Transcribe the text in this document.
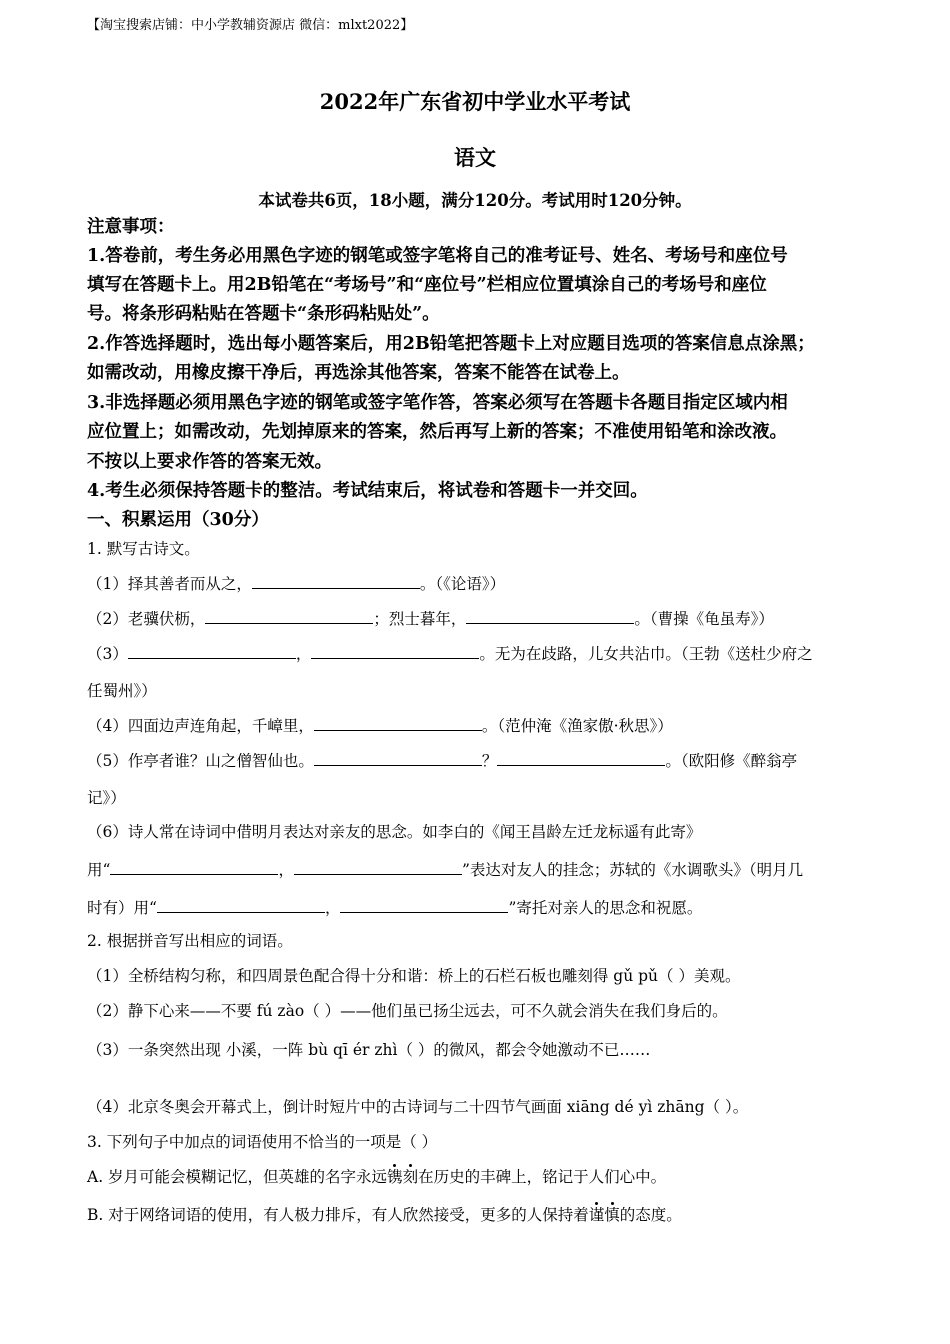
【淘宝搜索店铺：中小学教辅资源店 微信：mlxt2022】
2022年广东省初中学业水平考试
语文
本试卷共6页，18小题，满分120分。考试用时120分钟。
注意事项：
1.答卷前，考生务必用黑色字迹的钢笔或签字笔将自己的准考证号、姓名、考场号和座位号
填写在答题卡上。用2B铅笔在“考场号”和“座位号”栏相应位置填涂自己的考场号和座位
号。将条形码粘贴在答题卡“条形码粘贴处”。
2.作答选择题时，选出每小题答案后，用2B铅笔把答题卡上对应题目选项的答案信息点涂黑；
如需改动，用橡皮擦干净后，再选涂其他答案，答案不能答在试卷上。
3.非选择题必须用黑色字迹的钢笔或签字笔作答，答案必须写在答题卡各题目指定区域内相
应位置上；如需改动，先划掉原来的答案，然后再写上新的答案；不准使用铅笔和涂改液。
不按以上要求作答的答案无效。
4.考生必须保持答题卡的整洁。考试结束后，将试卷和答题卡一并交回。
一、积累运用（30分）
1. 默写古诗文。
（1）择其善者而从之，	。（《论语》）
（2）老骥伏枥，	；烈士暮年，	。（曹操《龟虽寿》）
（3）	，	。无为在歧路，儿女共沾巾。（王勃《送杜少府之
任蜀州》）
（4）四面边声连角起，千嶂里，	。（范仲淹《渔家傲·秋思》）
（5）作亭者谁？山之僧智仙也。	？	。（欧阳修《醉翁亭
记》）
（6）诗人常在诗词中借明月表达对亲友的思念。如李白的《闻王昌龄左迁龙标遥有此寄》
用“	，	”表达对友人的挂念；苏轼的《水调歌头》（明月几
时有）用“	，	”寄托对亲人的思念和祝愿。
2. 根据拼音写出相应的词语。
（1）全桥结构匀称，和四周景色配合得十分和谐：桥上的石栏石板也雕刻得 gǔ pǔ（ ）美观。
（2）静下心来——不要 fú zào（ ）——他们虽已扬尘远去，可不久就会消失在我们身后的。
（3）一条突然出现 小溪，一阵 bù qī ér zhì（ ）的微风，都会令她激动不已……
（4）北京冬奥会开幕式上，倒计时短片中的古诗词与二十四节气画面 xiāng dé yì zhāng（ ）。
3. 下列句子中加点的词语使用不恰当的一项是（ ）
A. 岁月可能会模糊记忆，但英雄的名字永远镌刻在历史的丰碑上，铭记于人们心中。
B. 对于网络词语的使用，有人极力排斥，有人欣然接受，更多的人保持着谨慎的态度。
